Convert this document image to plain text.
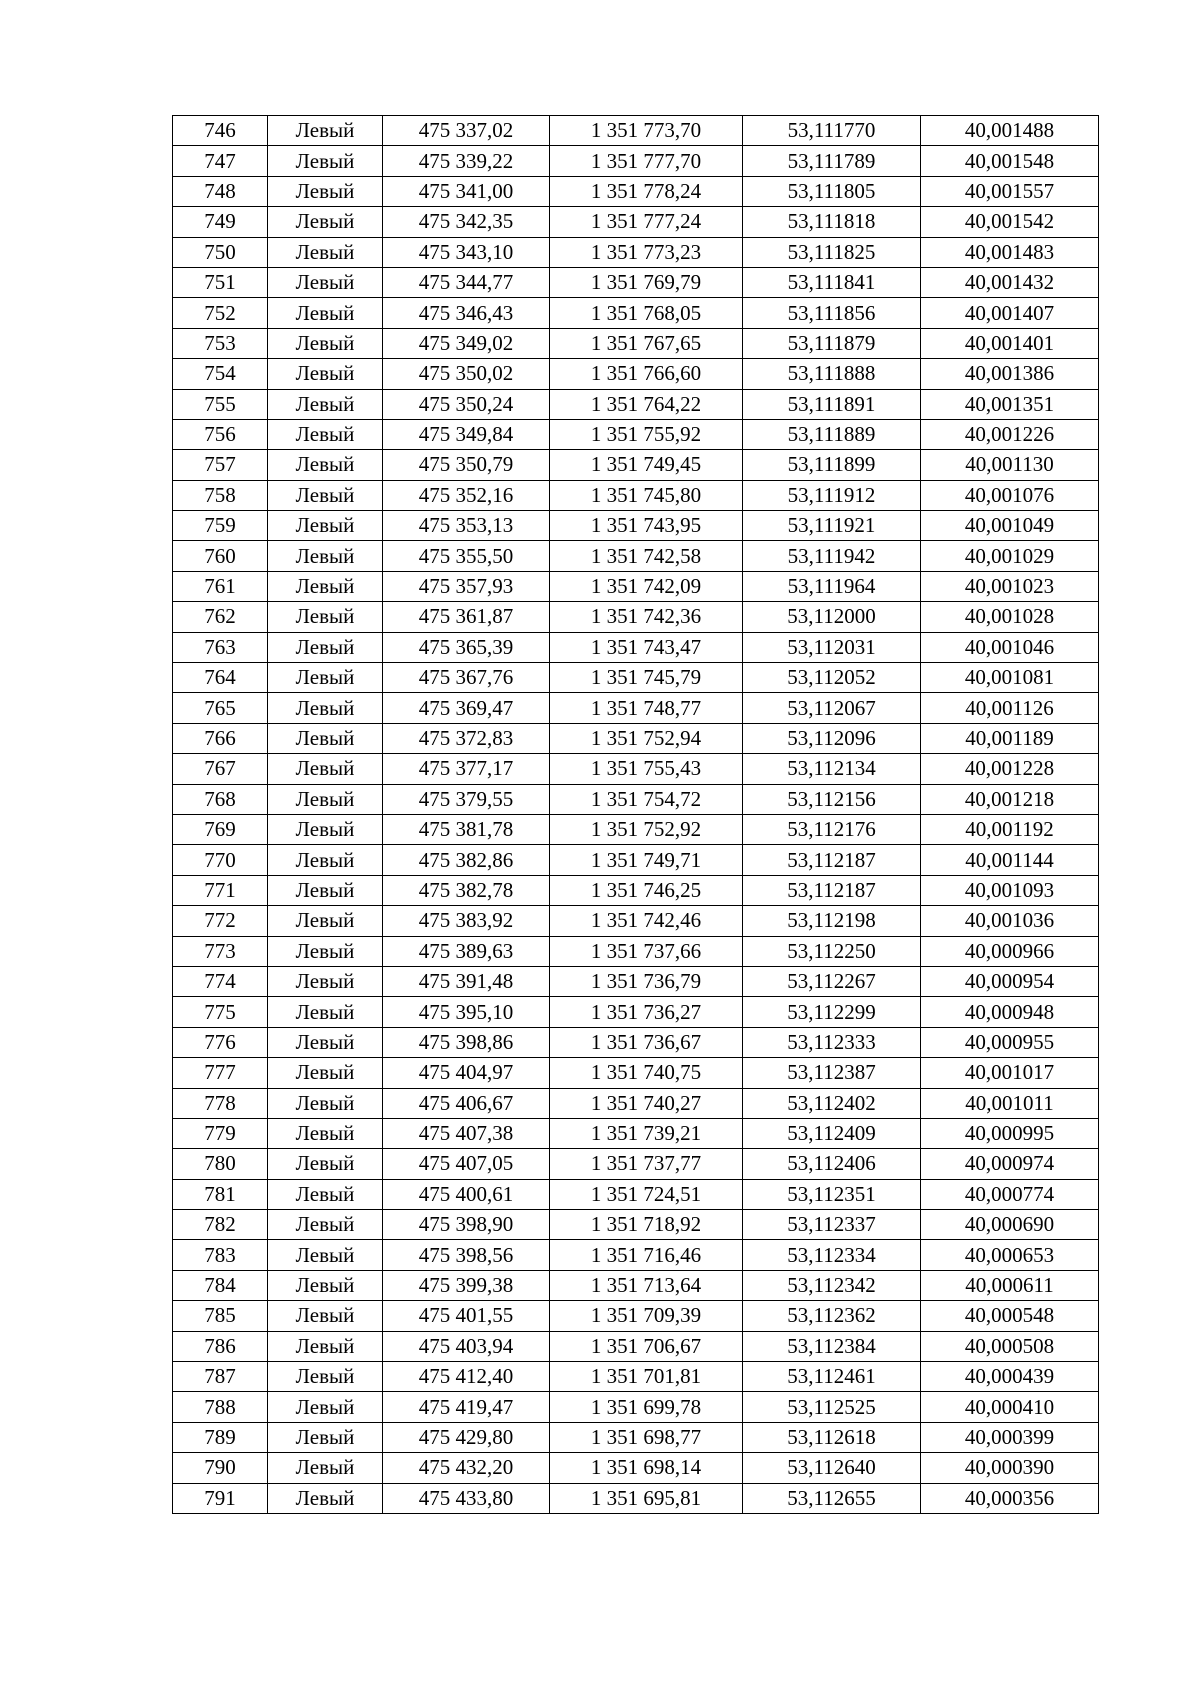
746	Левый	475 337,02	1 351 773,70	53,111770	40,001488
747	Левый	475 339,22	1 351 777,70	53,111789	40,001548
748	Левый	475 341,00	1 351 778,24	53,111805	40,001557
749	Левый	475 342,35	1 351 777,24	53,111818	40,001542
750	Левый	475 343,10	1 351 773,23	53,111825	40,001483
751	Левый	475 344,77	1 351 769,79	53,111841	40,001432
752	Левый	475 346,43	1 351 768,05	53,111856	40,001407
753	Левый	475 349,02	1 351 767,65	53,111879	40,001401
754	Левый	475 350,02	1 351 766,60	53,111888	40,001386
755	Левый	475 350,24	1 351 764,22	53,111891	40,001351
756	Левый	475 349,84	1 351 755,92	53,111889	40,001226
757	Левый	475 350,79	1 351 749,45	53,111899	40,001130
758	Левый	475 352,16	1 351 745,80	53,111912	40,001076
759	Левый	475 353,13	1 351 743,95	53,111921	40,001049
760	Левый	475 355,50	1 351 742,58	53,111942	40,001029
761	Левый	475 357,93	1 351 742,09	53,111964	40,001023
762	Левый	475 361,87	1 351 742,36	53,112000	40,001028
763	Левый	475 365,39	1 351 743,47	53,112031	40,001046
764	Левый	475 367,76	1 351 745,79	53,112052	40,001081
765	Левый	475 369,47	1 351 748,77	53,112067	40,001126
766	Левый	475 372,83	1 351 752,94	53,112096	40,001189
767	Левый	475 377,17	1 351 755,43	53,112134	40,001228
768	Левый	475 379,55	1 351 754,72	53,112156	40,001218
769	Левый	475 381,78	1 351 752,92	53,112176	40,001192
770	Левый	475 382,86	1 351 749,71	53,112187	40,001144
771	Левый	475 382,78	1 351 746,25	53,112187	40,001093
772	Левый	475 383,92	1 351 742,46	53,112198	40,001036
773	Левый	475 389,63	1 351 737,66	53,112250	40,000966
774	Левый	475 391,48	1 351 736,79	53,112267	40,000954
775	Левый	475 395,10	1 351 736,27	53,112299	40,000948
776	Левый	475 398,86	1 351 736,67	53,112333	40,000955
777	Левый	475 404,97	1 351 740,75	53,112387	40,001017
778	Левый	475 406,67	1 351 740,27	53,112402	40,001011
779	Левый	475 407,38	1 351 739,21	53,112409	40,000995
780	Левый	475 407,05	1 351 737,77	53,112406	40,000974
781	Левый	475 400,61	1 351 724,51	53,112351	40,000774
782	Левый	475 398,90	1 351 718,92	53,112337	40,000690
783	Левый	475 398,56	1 351 716,46	53,112334	40,000653
784	Левый	475 399,38	1 351 713,64	53,112342	40,000611
785	Левый	475 401,55	1 351 709,39	53,112362	40,000548
786	Левый	475 403,94	1 351 706,67	53,112384	40,000508
787	Левый	475 412,40	1 351 701,81	53,112461	40,000439
788	Левый	475 419,47	1 351 699,78	53,112525	40,000410
789	Левый	475 429,80	1 351 698,77	53,112618	40,000399
790	Левый	475 432,20	1 351 698,14	53,112640	40,000390
791	Левый	475 433,80	1 351 695,81	53,112655	40,000356
